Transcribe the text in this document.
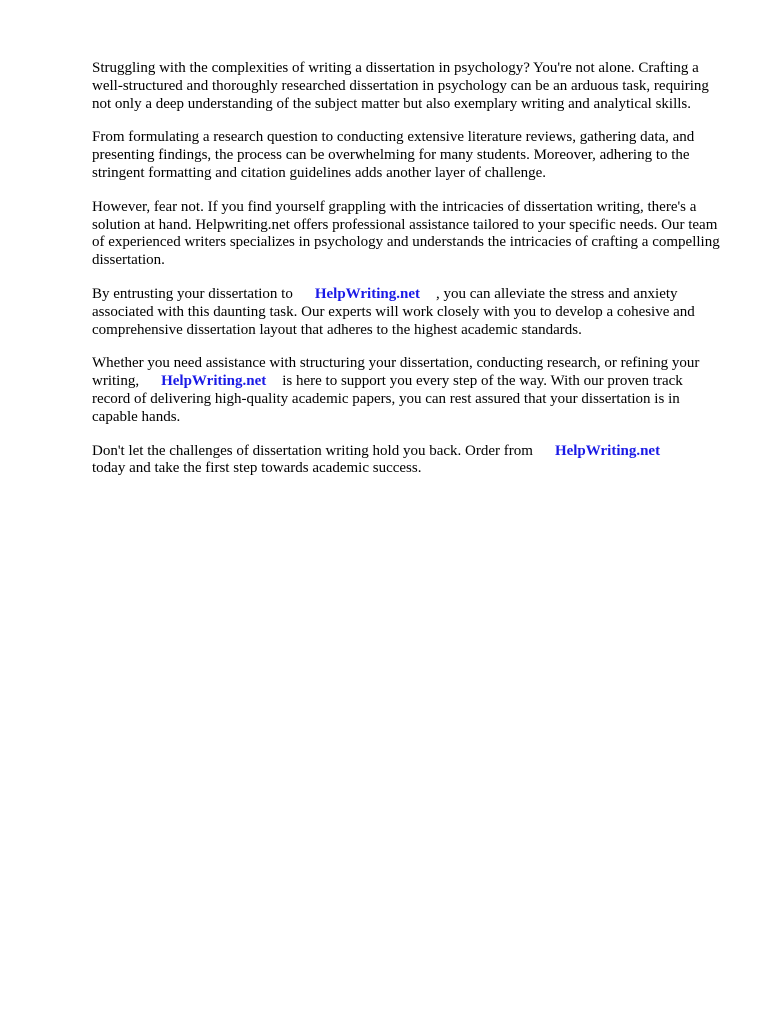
Struggling with the complexities of writing a dissertation in psychology? You're not alone. Crafting a well-structured and thoroughly researched dissertation in psychology can be an arduous task, requiring not only a deep understanding of the subject matter but also exemplary writing and analytical skills.

From formulating a research question to conducting extensive literature reviews, gathering data, and presenting findings, the process can be overwhelming for many students. Moreover, adhering to the stringent formatting and citation guidelines adds another layer of challenge.

However, fear not. If you find yourself grappling with the intricacies of dissertation writing, there's a solution at hand. Helpwriting.net offers professional assistance tailored to your specific needs. Our team of experienced writers specializes in psychology and understands the intricacies of crafting a compelling dissertation.

By entrusting your dissertation to HelpWriting.net , you can alleviate the stress and anxiety associated with this daunting task. Our experts will work closely with you to develop a cohesive and comprehensive dissertation layout that adheres to the highest academic standards.

Whether you need assistance with structuring your dissertation, conducting research, or refining your writing, HelpWriting.net is here to support you every step of the way. With our proven track record of delivering high-quality academic papers, you can rest assured that your dissertation is in capable hands.

Don't let the challenges of dissertation writing hold you back. Order from HelpWriting.net
today and take the first step towards academic success.
